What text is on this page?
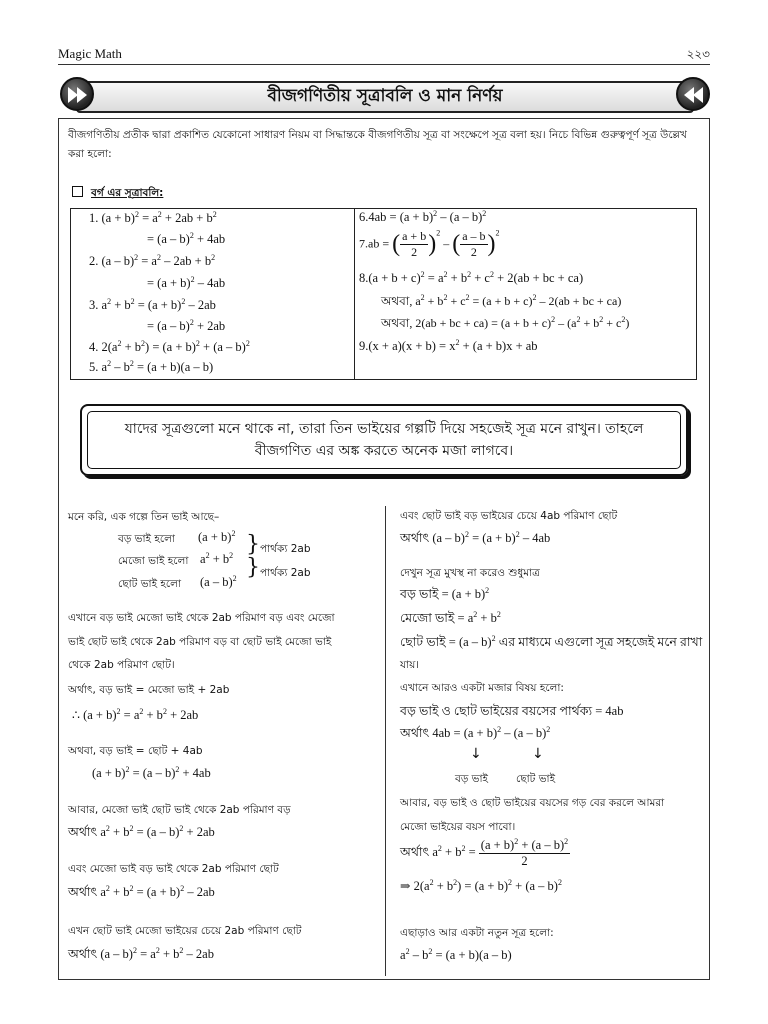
Magic Math	২২৩
বীজগণিতীয় সূত্রাবলি ও মান নির্ণয়
বীজগণিতীয় প্রতীক দ্বারা প্রকাশিত যেকোনো সাধারণ নিয়ম বা সিদ্ধান্তকে বীজগণিতীয় সূত্র বা সংক্ষেপে সূত্র বলা হয়। নিচে বিভিন্ন গুরুত্বপূর্ণ সূত্র উল্লেখ করা হলো:
বর্গ এর সূত্রাবলি:
1. $(a + b)^2 = a^2 + 2ab + b^2$
= (a – b)$^2$ + 4ab
2. $(a - b)^2 = a^2 - 2ab + b^2$
= $(a + b)^2 - 4ab$
3. $a^2 + b^2 = (a + b)^2 - 2ab$
= (a – b)$^2$ + 2ab
4. $2(a^2 + b^2) = (a + b)^2 + (a - b)^2$
5. $a^2 - b^2 = (a + b)(a - b)$
$6.4ab = (a + b)^2 - (a - b)^2$
7.ab = ( $\frac{a + b}{2} )^2$ – ( $\frac{a - b}{2} )^2$
$8.(a + b + c)^2 = a^2 + b^2 + c^2 + 2(ab$ + bc + ca)
অথবা, $a^2 + b^2 + c^2 = (a + b + c)^2 - 2(ab$ + bc + ca)
অথবা, 2(ab + bc + $ca) = (a + b + c)^2 - (a^2 + b^2 + c^2)$
$9.(x + a)(x + b) = x^2 + (a + b)x$ + ab
যাদের সূত্রগুলো মনে থাকে না, তারা তিন ভাইয়ের গল্পটি দিয়ে সহজেই সূত্র মনে রাখুন। তাহলে বীজগণিত এর অঙ্ক করতে অনেক মজা লাগবে।
মনে করি, এক গল্পে তিন ভাই আছে–
বড় ভাই হলো $(a + b)^2$
মেজো ভাই হলো $a^2 + b^2$
ছোট ভাই হলো (a – b)$^2$
}
}
পার্থক্য 2ab
পার্থক্য 2ab
এখানে বড় ভাই মেজো ভাই থেকে 2ab পরিমাণ বড় এবং মেজো
ভাই ছোট ভাই থেকে 2ab পরিমাণ বড় বা ছোট ভাই মেজো ভাই
থেকে 2ab পরিমাণ ছোট।
অর্থাৎ, বড় ভাই = মেজো ভাই + 2ab
∴ $(a + b)^2 = a^2 + b^2 + 2ab$
অথবা, বড় ভাই = ছোট + 4ab
$(a + b)^2 = (a - b)^2 + 4ab$
আবার, মেজো ভাই ছোট ভাই থেকে 2ab পরিমাণ বড়
অর্থাৎ $a^2 + b^2 = (a - b)^2 + 2ab$
এবং মেজো ভাই বড় ভাই থেকে 2ab পরিমাণ ছোট
অর্থাৎ $a^2 + b^2 = (a + b)^2 - 2ab$
এখন ছোট ভাই মেজো ভাইয়ের চেয়ে 2ab পরিমাণ ছোট
অর্থাৎ $(a - b)^2 = a^2 + b^2 - 2ab$
এবং ছোট ভাই বড় ভাইয়ের চেয়ে 4ab পরিমাণ ছোট
অর্থাৎ $(a - b)^2 = (a + b)^2 - 4ab$
দেখুন সূত্র মুখস্থ না করেও শুধুমাত্র
বড় ভাই = $(a + b)^2$
মেজো ভাই = $a^2 + b^2$
ছোট ভাই = (a – b)$^2$ এর মাধ্যমে এগুলো সূত্র সহজেই মনে রাখা
যায়।
এখানে আরও একটা মজার বিষয় হলো:
বড় ভাই ও ছোট ভাইয়ের বয়সের পার্থক্য = 4ab
অর্থাৎ $4ab = (a + b)^2 - (a - b)^2$
↓	↓
বড় ভাই	ছোট ভাই
আবার, বড় ভাই ও ছোট ভাইয়ের বয়সের গড় বের করলে আমরা
মেজো ভাইয়ের বয়স পাবো।
অর্থাৎ $a^2 + b^2 = \frac{(a + b)^2 + (a - b)^2}{2}$
⇒ $2(a^2 + b^2) = (a + b)^2 + (a - b)^2$
এছাড়াও আর একটা নতুন সূত্র হলো:
$a^2 - b^2 = (a + b)(a - b)$
